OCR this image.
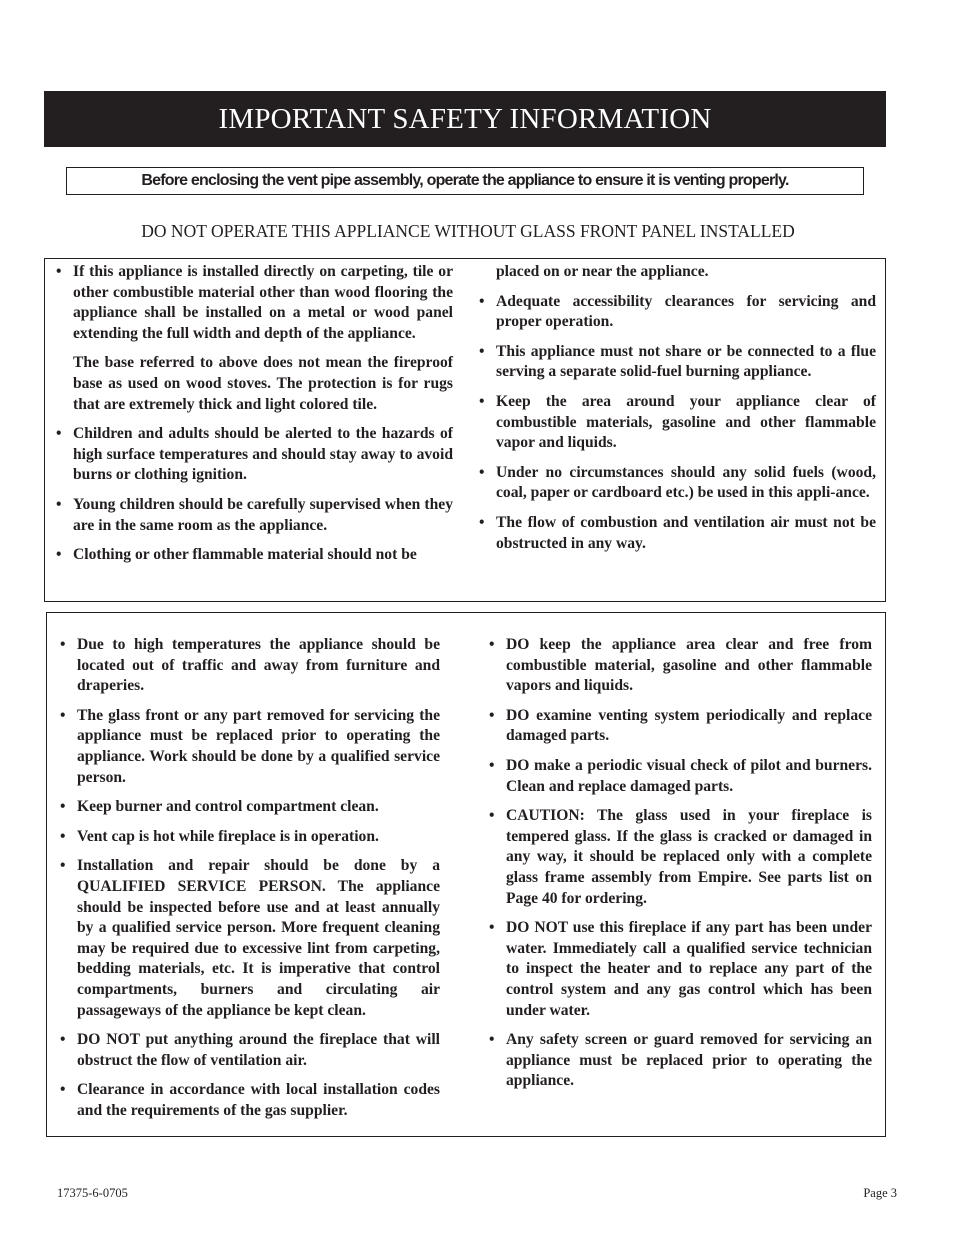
IMPORTANT SAFETY INFORMATION
Before enclosing the vent pipe assembly, operate the appliance to ensure it is venting properly.
DO NOT OPERATE THIS APPLIANCE WITHOUT GLASS FRONT PANEL INSTALLED
• If this appliance is installed directly on carpeting, tile or other combustible material other than wood flooring the appliance shall be installed on a metal or wood panel extending the full width and depth of the appliance.
The base referred to above does not mean the fireproof base as used on wood stoves. The protection is for rugs that are extremely thick and light colored tile.
• Children and adults should be alerted to the hazards of high surface temperatures and should stay away to avoid burns or clothing ignition.
• Young children should be carefully supervised when they are in the same room as the appliance.
• Clothing or other flammable material should not be
placed on or near the appliance.
• Adequate accessibility clearances for servicing and proper operation.
• This appliance must not share or be connected to a flue serving a separate solid-fuel burning appliance.
• Keep the area around your appliance clear of combustible materials, gasoline and other flammable vapor and liquids.
• Under no circumstances should any solid fuels (wood, coal, paper or cardboard etc.) be used in this appli-ance.
• The flow of combustion and ventilation air must not be obstructed in any way.
• Due to high temperatures the appliance should be located out of traffic and away from furniture and draperies.
• The glass front or any part removed for servicing the appliance must be replaced prior to operating the appliance. Work should be done by a qualified service person.
• Keep burner and control compartment clean.
• Vent cap is hot while fireplace is in operation.
• Installation and repair should be done by a QUALIFIED SERVICE PERSON. The appliance should be inspected before use and at least annually by a qualified service person. More frequent cleaning may be required due to excessive lint from carpeting, bedding materials, etc. It is imperative that control compartments, burners and circulating air passageways of the appliance be kept clean.
• DO NOT put anything around the fireplace that will obstruct the flow of ventilation air.
• Clearance in accordance with local installation codes and the requirements of the gas supplier.
• DO keep the appliance area clear and free from combustible material, gasoline and other flammable vapors and liquids.
• DO examine venting system periodically and replace damaged parts.
• DO make a periodic visual check of pilot and burners. Clean and replace damaged parts.
• CAUTION: The glass used in your fireplace is tempered glass. If the glass is cracked or damaged in any way, it should be replaced only with a complete glass frame assembly from Empire. See parts list on Page 40 for ordering.
• DO NOT use this fireplace if any part has been under water. Immediately call a qualified service technician to inspect the heater and to replace any part of the control system and any gas control which has been under water.
• Any safety screen or guard removed for servicing an appliance must be replaced prior to operating the appliance.
17375-6-0705	Page 3
